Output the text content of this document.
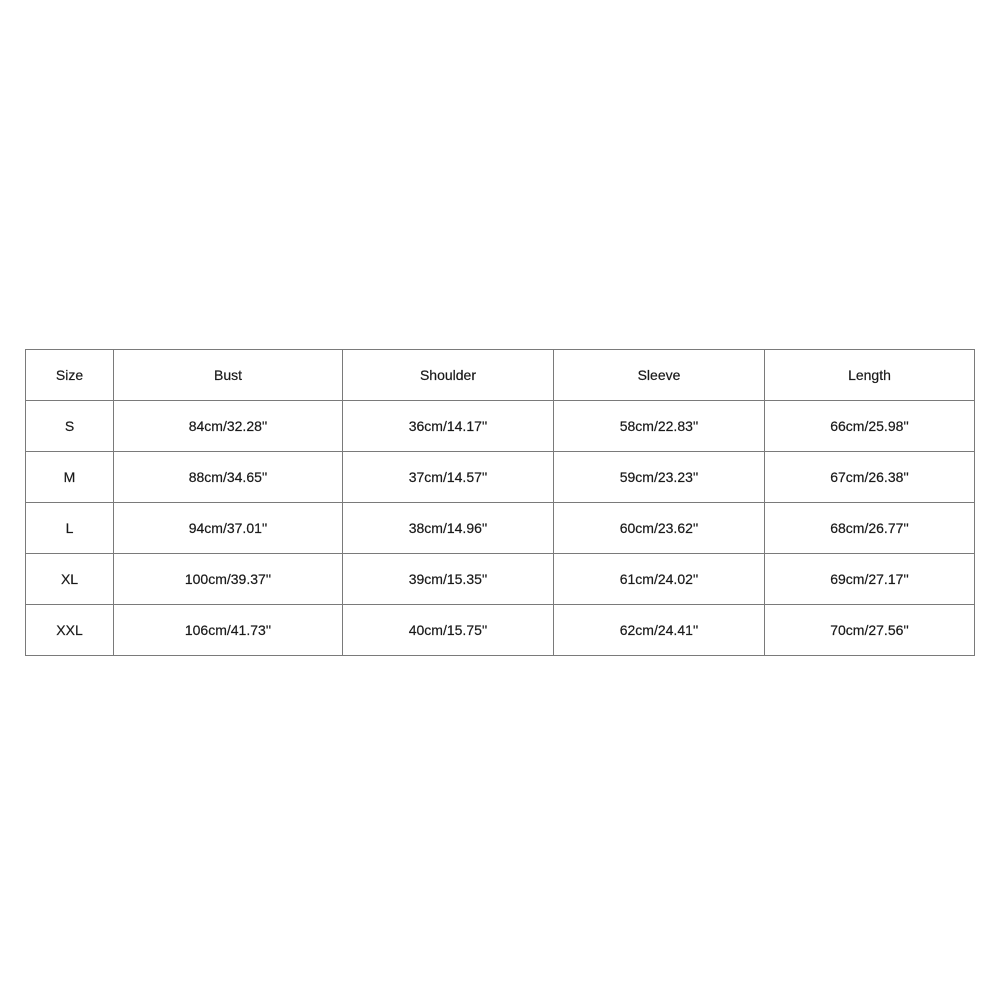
Size	Bust	Shoulder	Sleeve	Length
S	84cm/32.28''	36cm/14.17''	58cm/22.83''	66cm/25.98''
M	88cm/34.65''	37cm/14.57''	59cm/23.23''	67cm/26.38''
L	94cm/37.01''	38cm/14.96''	60cm/23.62''	68cm/26.77''
XL	100cm/39.37''	39cm/15.35''	61cm/24.02''	69cm/27.17''
XXL	106cm/41.73''	40cm/15.75''	62cm/24.41''	70cm/27.56''
